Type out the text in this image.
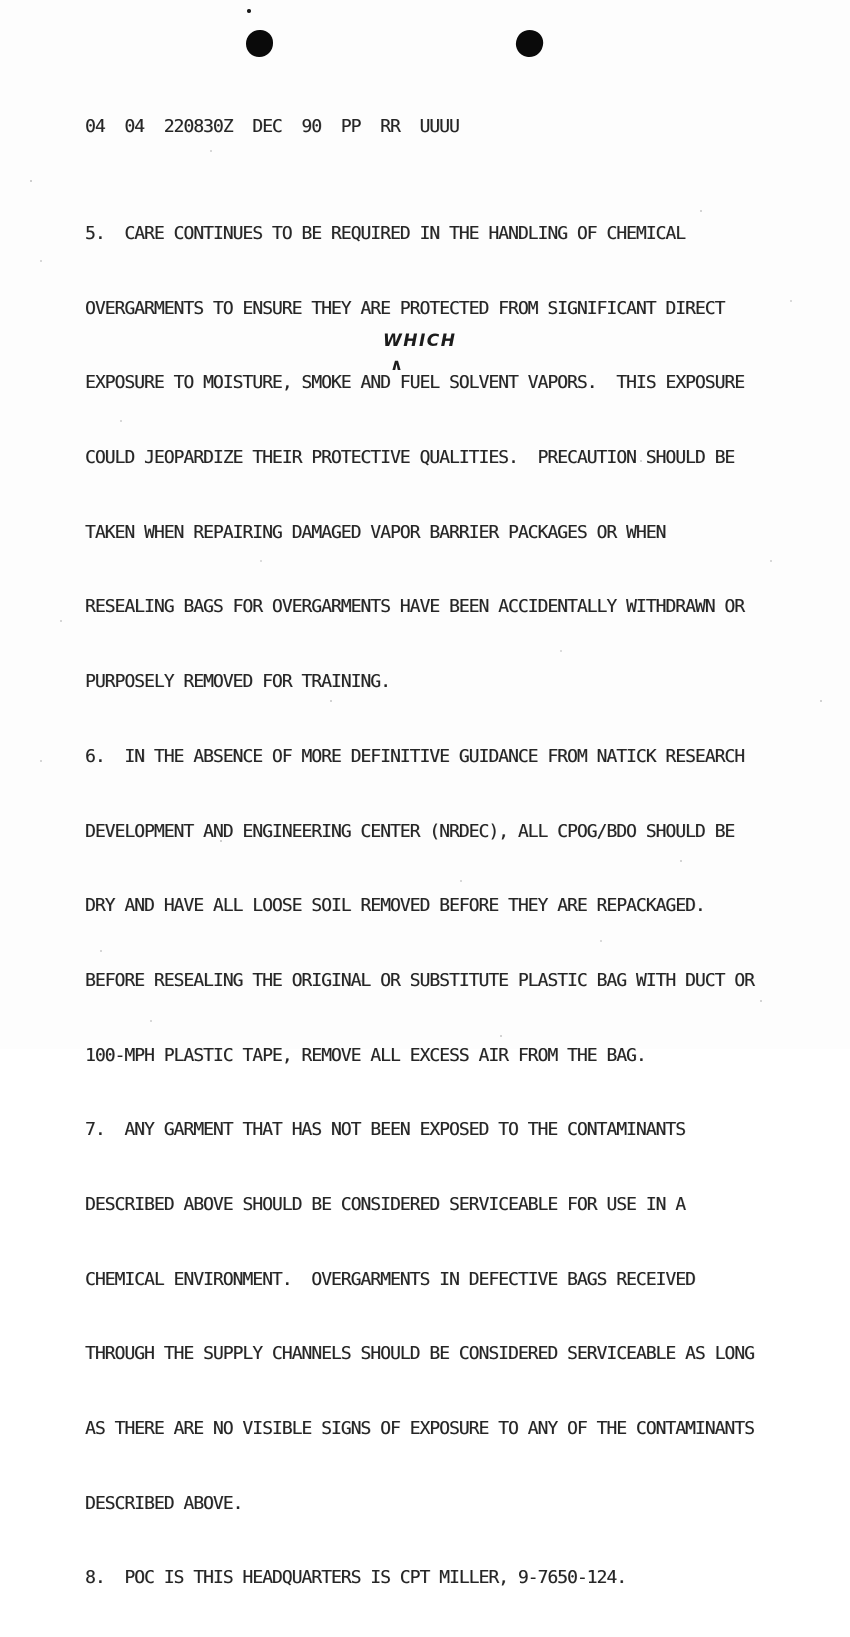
04  04  220830Z  DEC  90  PP  RR  UUUU

5.  CARE CONTINUES TO BE REQUIRED IN THE HANDLING OF CHEMICAL

OVERGARMENTS TO ENSURE THEY ARE PROTECTED FROM SIGNIFICANT DIRECT

EXPOSURE TO MOISTURE, SMOKE AND FUEL SOLVENT VAPORS.  THIS EXPOSURE

COULD JEOPARDIZE THEIR PROTECTIVE QUALITIES.  PRECAUTION SHOULD BE

TAKEN WHEN REPAIRING DAMAGED VAPOR BARRIER PACKAGES OR WHEN

RESEALING BAGS FOR OVERGARMENTS HAVE BEEN ACCIDENTALLY WITHDRAWN OR

PURPOSELY REMOVED FOR TRAINING.

6.  IN THE ABSENCE OF MORE DEFINITIVE GUIDANCE FROM NATICK RESEARCH

DEVELOPMENT AND ENGINEERING CENTER (NRDEC), ALL CPOG/BDO SHOULD BE

DRY AND HAVE ALL LOOSE SOIL REMOVED BEFORE THEY ARE REPACKAGED.

BEFORE RESEALING THE ORIGINAL OR SUBSTITUTE PLASTIC BAG WITH DUCT OR

100-MPH PLASTIC TAPE, REMOVE ALL EXCESS AIR FROM THE BAG.

7.  ANY GARMENT THAT HAS NOT BEEN EXPOSED TO THE CONTAMINANTS

DESCRIBED ABOVE SHOULD BE CONSIDERED SERVICEABLE FOR USE IN A

CHEMICAL ENVIRONMENT.  OVERGARMENTS IN DEFECTIVE BAGS RECEIVED

THROUGH THE SUPPLY CHANNELS SHOULD BE CONSIDERED SERVICEABLE AS LONG

AS THERE ARE NO VISIBLE SIGNS OF EXPOSURE TO ANY OF THE CONTAMINANTS

DESCRIBED ABOVE.

8.  POC IS THIS HEADQUARTERS IS CPT MILLER, 9-7650-124.

WHICH
∧
